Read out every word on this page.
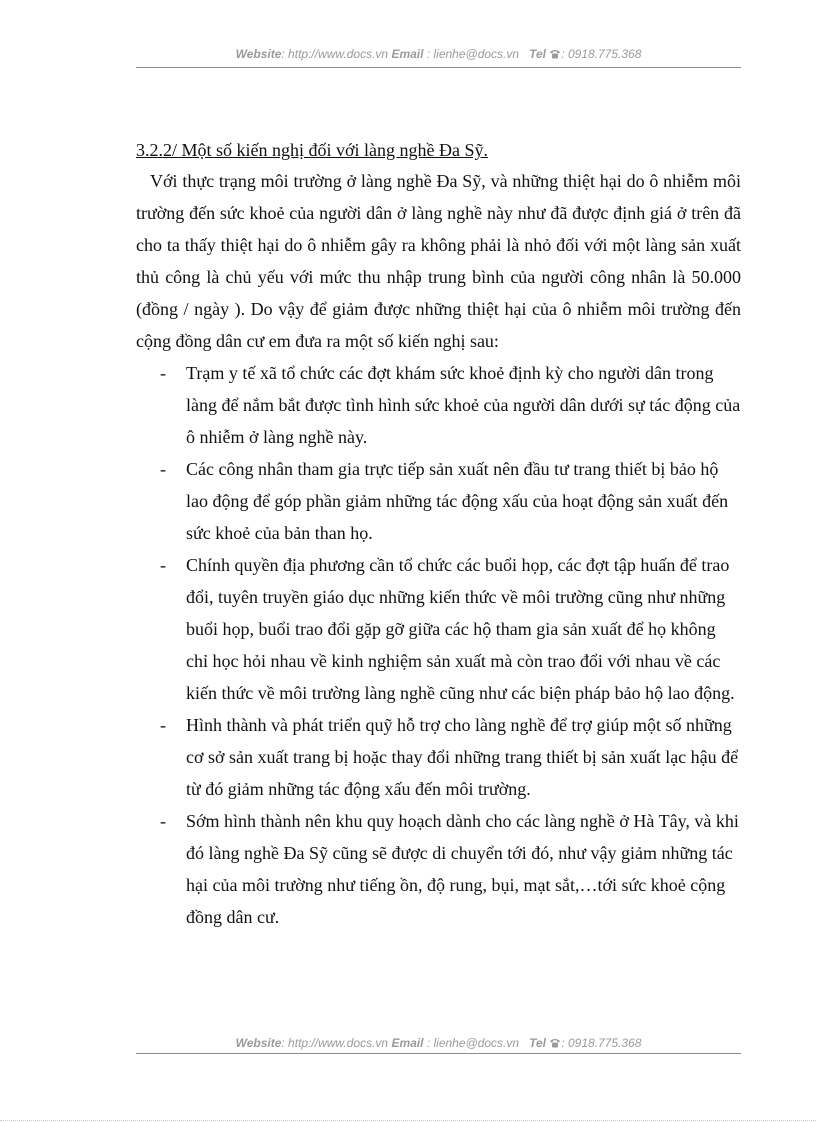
Website: http://www.docs.vn Email : lienhe@docs.vn Tel : 0918.775.368

3.2.2/ Một số kiến nghị đối với làng nghề Đa Sỹ.

Với thực trạng môi trường ở làng nghề Đa Sỹ, và những thiệt hại do ô nhiễm môi trường đến sức khoẻ của người dân ở làng nghề này như đã được định giá ở trên đã cho ta thấy thiệt hại do ô nhiễm gây ra không phải là nhỏ đối với một làng sản xuất thủ công là chủ yếu với mức thu nhập trung bình của người công nhân là 50.000 (đồng / ngày ). Do vậy để giảm được những thiệt hại của ô nhiễm môi trường đến cộng đồng dân cư em đưa ra một số kiến nghị sau:

- Trạm y tế xã tổ chức các đợt khám sức khoẻ định kỳ cho người dân trong làng để nắm bắt được tình hình sức khoẻ của người dân dưới sự tác động của ô nhiễm ở làng nghề này.
- Các công nhân tham gia trực tiếp sản xuất nên đầu tư trang thiết bị bảo hộ lao động để góp phần giảm những tác động xấu của hoạt động sản xuất đến sức khoẻ của bản than họ.
- Chính quyền địa phương cần tổ chức các buổi họp, các đợt tập huấn để trao đổi, tuyên truyền giáo dục những kiến thức về môi trường cũng như những buổi họp, buổi trao đổi gặp gỡ giữa các hộ tham gia sản xuất để họ không chỉ học hỏi nhau về kinh nghiệm sản xuất mà còn trao đổi với nhau về các kiến thức về môi trường làng nghề cũng như các biện pháp bảo hộ lao động.
- Hình thành và phát triển quỹ hỗ trợ cho làng nghề để trợ giúp một số những cơ sở sản xuất trang bị hoặc thay đổi những trang thiết bị sản xuất lạc hậu để từ đó giảm những tác động xấu đến môi trường.
- Sớm hình thành nên khu quy hoạch dành cho các làng nghề ở Hà Tây, và khi đó làng nghề Đa Sỹ cũng sẽ được di chuyển tới đó, như vậy giảm những tác hại của môi trường như tiếng ồn, độ rung, bụi, mạt sắt,…tới sức khoẻ cộng đồng dân cư.
Website: http://www.docs.vn Email : lienhe@docs.vn Tel : 0918.775.368
